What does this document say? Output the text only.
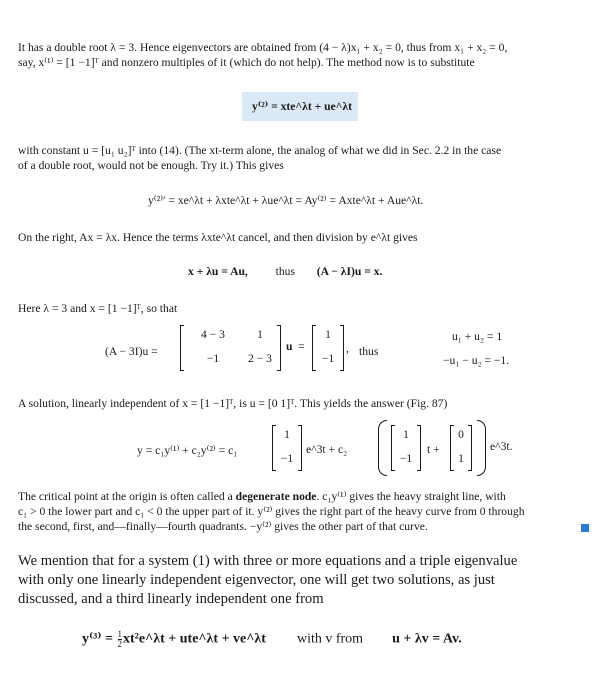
It has a double root λ = 3. Hence eigenvectors are obtained from (4 − λ)x₁ + x₂ = 0, thus from x₁ + x₂ = 0,
say, x⁽¹⁾ = [1 −1]ᵀ and nonzero multiples of it (which do not help). The method now is to substitute
y⁽²⁾ = xte^λt + ue^λt
with constant u = [u₁ u₂]ᵀ into (14). (The xt-term alone, the analog of what we did in Sec. 2.2 in the case
of a double root, would not be enough. Try it.) This gives
y⁽²⁾′ = xe^λt + λxte^λt + λue^λt = Ay⁽²⁾ = Axte^λt + Aue^λt.
On the right, Ax = λx. Hence the terms λxte^λt cancel, and then division by e^λt gives
x + λu = Au, thus (A − λI)u = x.
Here λ = 3 and x = [1 −1]ᵀ, so that
(A − 3I)u =
4 − 3	1
−1	2 − 3
u =
1
−1
, thus
u₁ + u₂ = 1
−u₁ − u₂ = −1.
A solution, linearly independent of x = [1 −1]ᵀ, is u = [0 1]ᵀ. This yields the answer (Fig. 87)
y = c₁y⁽¹⁾ + c₂y⁽²⁾ = c₁
1
−1
e^3t + c₂
1
−1
t +
0
1
e^3t.
The critical point at the origin is often called a degenerate node. c₁y⁽¹⁾ gives the heavy straight line, with
c₁ > 0 the lower part and c₁ < 0 the upper part of it. y⁽²⁾ gives the right part of the heavy curve from 0 through
the second, first, and—finally—fourth quadrants. −y⁽²⁾ gives the other part of that curve.
We mention that for a system (1) with three or more equations and a triple eigenvalue
with only one linearly independent eigenvector, one will get two solutions, as just
discussed, and a third linearly independent one from
$y^{(3)} = \frac{1}{2}$ xt²e^λt + ute^λt + ve^λt with v from u + λv = Av.
